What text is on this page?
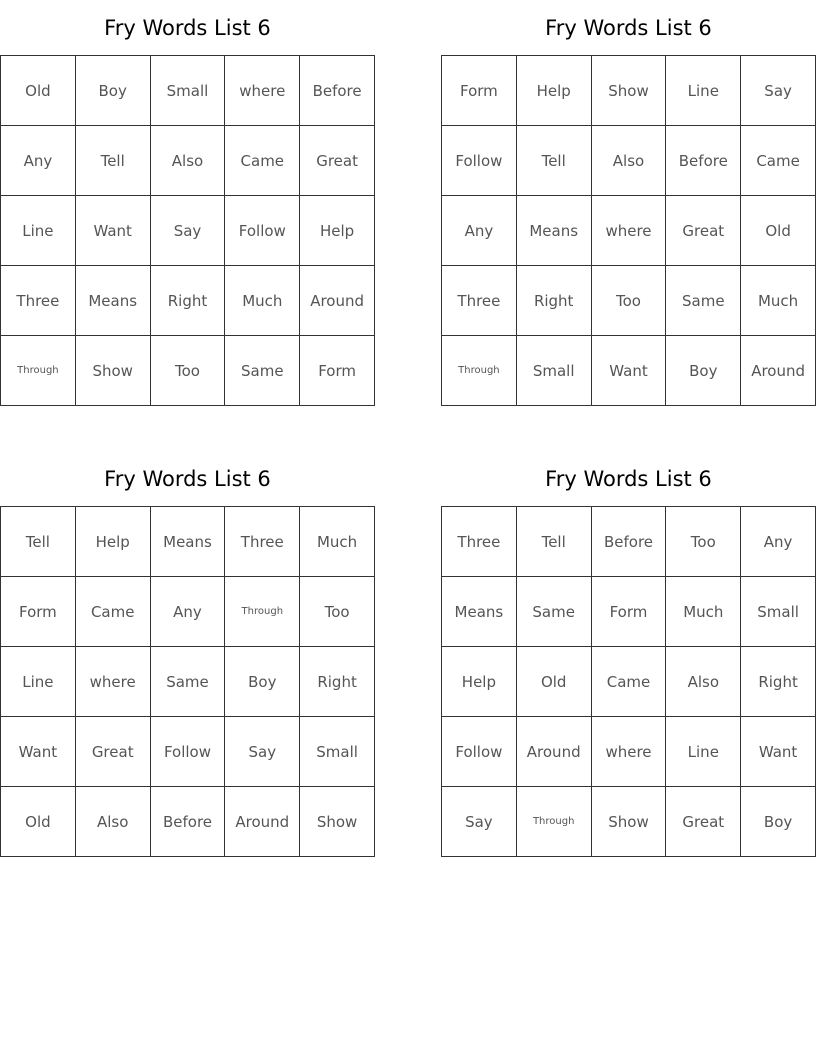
Fry Words List 6
Old	Boy	Small	where	Before
Any	Tell	Also	Came	Great
Line	Want	Say	Follow	Help
Three	Means	Right	Much	Around
Through	Show	Too	Same	Form
Fry Words List 6
Form	Help	Show	Line	Say
Follow	Tell	Also	Before	Came
Any	Means	where	Great	Old
Three	Right	Too	Same	Much
Through	Small	Want	Boy	Around
Fry Words List 6
Tell	Help	Means	Three	Much
Form	Came	Any	Through	Too
Line	where	Same	Boy	Right
Want	Great	Follow	Say	Small
Old	Also	Before	Around	Show
Fry Words List 6
Three	Tell	Before	Too	Any
Means	Same	Form	Much	Small
Help	Old	Came	Also	Right
Follow	Around	where	Line	Want
Say	Through	Show	Great	Boy
